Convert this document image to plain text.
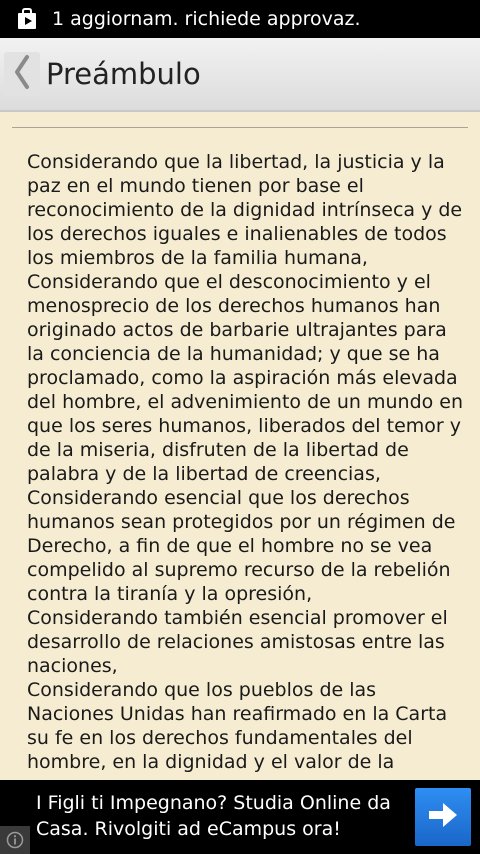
1 aggiornam. richiede approvaz.
Preámbulo

Considerando que la libertad, la justicia y la paz en el mundo tienen por base el reconocimiento de la dignidad intrínseca y de los derechos iguales e inalienables de todos los miembros de la familia humana,

Considerando que el desconocimiento y el menosprecio de los derechos humanos han originado actos de barbarie ultrajantes para la conciencia de la humanidad; y que se ha proclamado, como la aspiración más elevada del hombre, el advenimiento de un mundo en que los seres humanos, liberados del temor y de la miseria, disfruten de la libertad de palabra y de la libertad de creencias,

Considerando esencial que los derechos humanos sean protegidos por un régimen de Derecho, a fin de que el hombre no se vea compelido al supremo recurso de la rebelión contra la tiranía y la opresión,

Considerando también esencial promover el desarrollo de relaciones amistosas entre las naciones,

Considerando que los pueblos de las Naciones Unidas han reafirmado en la Carta su fe en los derechos fundamentales del hombre, en la dignidad y el valor de la

I Figli ti Impegnano? Studia Online da Casa. Rivolgiti ad eCampus ora!
